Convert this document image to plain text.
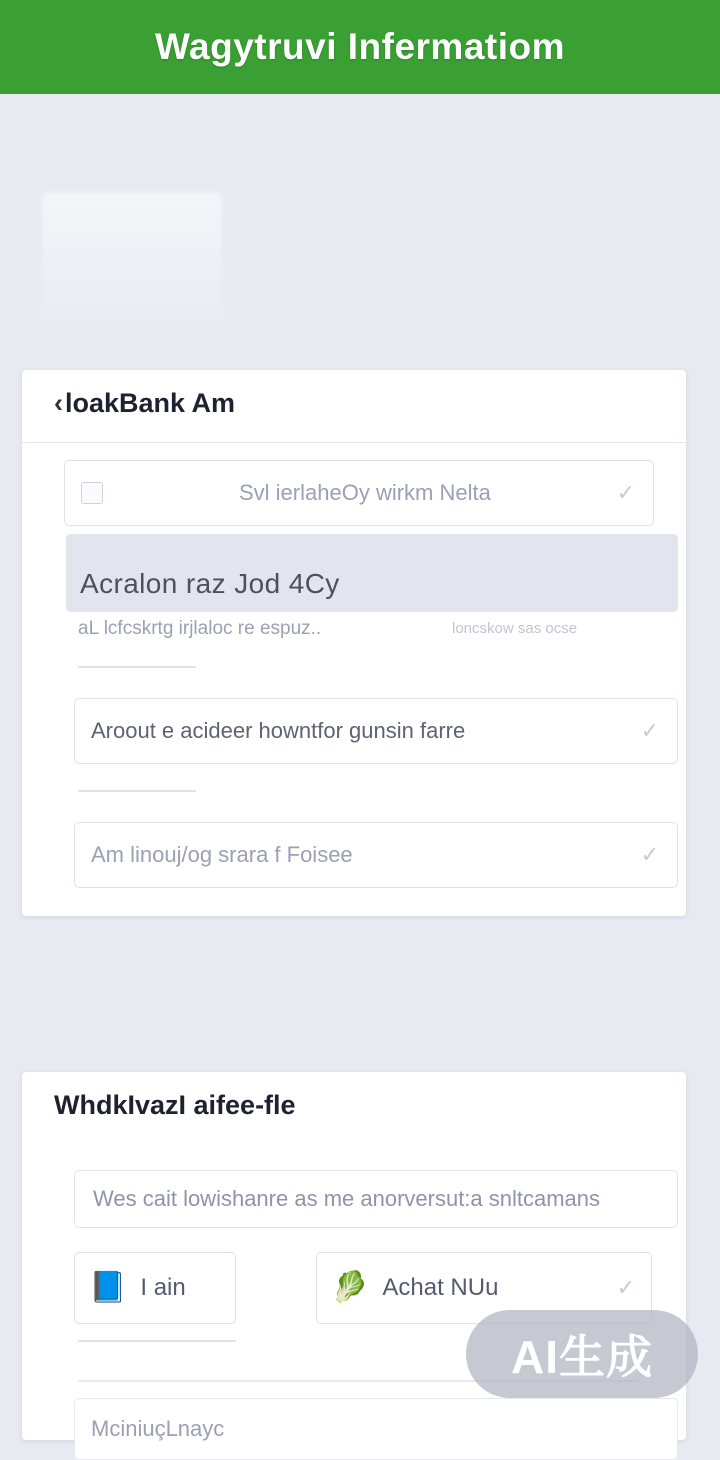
Wagytruvi Infermatiom
‹loakBank Am
Svl ierlaheOy wirkm Nelta	✓
Acralon raz Jod 4Cy
aL lcfcskrtg irjlaloc re espuz..	loncskow sas ocse
Aroout e acideer howntfor gunsin farre	✓
Am linouj/og srara f Foisee	✓
WhdkIvazI aifee-fle
Wes cait lowishanre as me anorversut:a snltcamans
📘 I ain	🥬 Achat NUu	✓
MciniuçLnayc
AI生成
